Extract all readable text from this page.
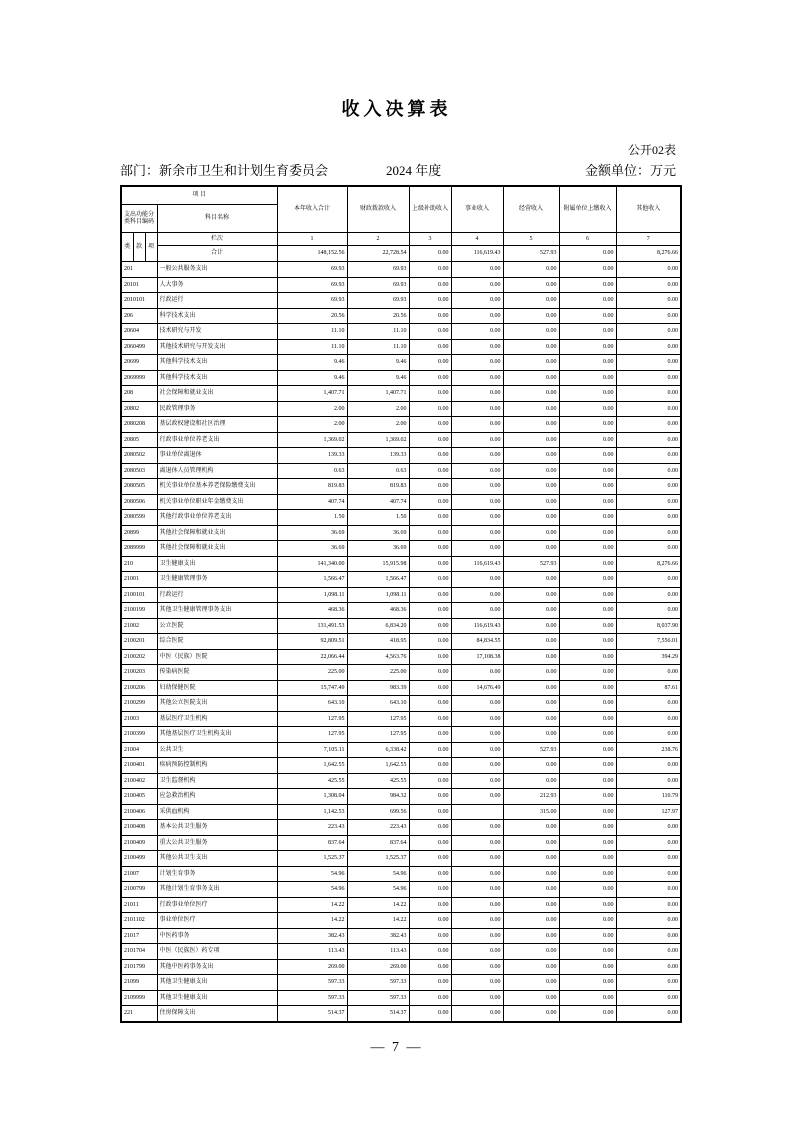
收入决算表
公开02表
部门：新余市卫生和计划生育委员会	2024 年度	金额单位：万元
项 目				本年收入合计	财政拨款收入	上级补助收入	事业收入	经营收入	附属单位上缴收入	其他收入
支出功能分类科目编码			科目名称							
类	款	项	栏次	1	2	3	4	5	6	7
			合计	148,152.56	22,728.54	0.00	116,619.43	527.93	0.00	8,276.66
201			一般公共服务支出	69.93	69.93	0.00	0.00	0.00	0.00	0.00
20101			人大事务	69.93	69.93	0.00	0.00	0.00	0.00	0.00
2010101			行政运行	69.93	69.93	0.00	0.00	0.00	0.00	0.00
206			科学技术支出	20.56	20.56	0.00	0.00	0.00	0.00	0.00
20604			技术研究与开发	11.10	11.10	0.00	0.00	0.00	0.00	0.00
2060499			其他技术研究与开发支出	11.10	11.10	0.00	0.00	0.00	0.00	0.00
20699			其他科学技术支出	9.46	9.46	0.00	0.00	0.00	0.00	0.00
2069999			其他科学技术支出	9.46	9.46	0.00	0.00	0.00	0.00	0.00
208			社会保障和就业支出	1,407.71	1,407.71	0.00	0.00	0.00	0.00	0.00
20802			民政管理事务	2.00	2.00	0.00	0.00	0.00	0.00	0.00
2080208			基层政权建设和社区治理	2.00	2.00	0.00	0.00	0.00	0.00	0.00
20805			行政事业单位养老支出	1,369.02	1,369.02	0.00	0.00	0.00	0.00	0.00
2080502			事业单位离退休	139.33	139.33	0.00	0.00	0.00	0.00	0.00
2080503			离退休人员管理机构	0.63	0.63	0.00	0.00	0.00	0.00	0.00
2080505			机关事业单位基本养老保险缴费支出	819.83	819.83	0.00	0.00	0.00	0.00	0.00
2080506			机关事业单位职业年金缴费支出	407.74	407.74	0.00	0.00	0.00	0.00	0.00
2080599			其他行政事业单位养老支出	1.50	1.50	0.00	0.00	0.00	0.00	0.00
20899			其他社会保障和就业支出	36.69	36.69	0.00	0.00	0.00	0.00	0.00
2089999			其他社会保障和就业支出	36.69	36.69	0.00	0.00	0.00	0.00	0.00
210			卫生健康支出	141,340.00	15,915.98	0.00	116,619.43	527.93	0.00	8,276.66
21001			卫生健康管理事务	1,566.47	1,566.47	0.00	0.00	0.00	0.00	0.00
2100101			行政运行	1,098.11	1,098.11	0.00	0.00	0.00	0.00	0.00
2100199			其他卫生健康管理事务支出	468.36	468.36	0.00	0.00	0.00	0.00	0.00
21002			公立医院	131,491.53	6,834.20	0.00	116,619.43	0.00	0.00	8,037.90
2100201			综合医院	92,809.51	418.95	0.00	84,834.55	0.00	0.00	7,556.01
2100202			中医（民族）医院	22,066.44	4,563.76	0.00	17,108.38	0.00	0.00	394.29
2100203			传染病医院	225.00	225.00	0.00	0.00	0.00	0.00	0.00
2100206			妇幼保健医院	15,747.49	983.39	0.00	14,676.49	0.00	0.00	87.61
2100299			其他公立医院支出	643.10	643.10	0.00	0.00	0.00	0.00	0.00
21003			基层医疗卫生机构	127.95	127.95	0.00	0.00	0.00	0.00	0.00
2100399			其他基层医疗卫生机构支出	127.95	127.95	0.00	0.00	0.00	0.00	0.00
21004			公共卫生	7,105.11	6,338.42	0.00	0.00	527.93	0.00	238.76
2100401			疾病预防控制机构	1,642.55	1,642.55	0.00	0.00	0.00	0.00	0.00
2100402			卫生监督机构	425.55	425.55	0.00	0.00	0.00	0.00	0.00
2100405			应急救治机构	1,308.04	984.32	0.00	0.00	212.93	0.00	110.79
2100406			采供血机构	1,142.53	699.56	0.00		315.00	0.00	127.97
2100408			基本公共卫生服务	223.43	223.43	0.00	0.00	0.00	0.00	0.00
2100409			重大公共卫生服务	837.64	837.64	0.00	0.00	0.00	0.00	0.00
2100499			其他公共卫生支出	1,525.37	1,525.37	0.00	0.00	0.00	0.00	0.00
21007			计划生育事务	54.96	54.96	0.00	0.00	0.00	0.00	0.00
2100799			其他计划生育事务支出	54.96	54.96	0.00	0.00	0.00	0.00	0.00
21011			行政事业单位医疗	14.22	14.22	0.00	0.00	0.00	0.00	0.00
2101102			事业单位医疗	14.22	14.22	0.00	0.00	0.00	0.00	0.00
21017			中医药事务	382.43	382.43	0.00	0.00	0.00	0.00	0.00
2101704			中医（民族医）药专项	113.43	113.43	0.00	0.00	0.00	0.00	0.00
2101799			其他中医药事务支出	269.00	269.00	0.00	0.00	0.00	0.00	0.00
21099			其他卫生健康支出	597.33	597.33	0.00	0.00	0.00	0.00	0.00
2109999			其他卫生健康支出	597.33	597.33	0.00	0.00	0.00	0.00	0.00
221			住房保障支出	514.37	514.37	0.00	0.00	0.00	0.00	0.00
— 7 —
